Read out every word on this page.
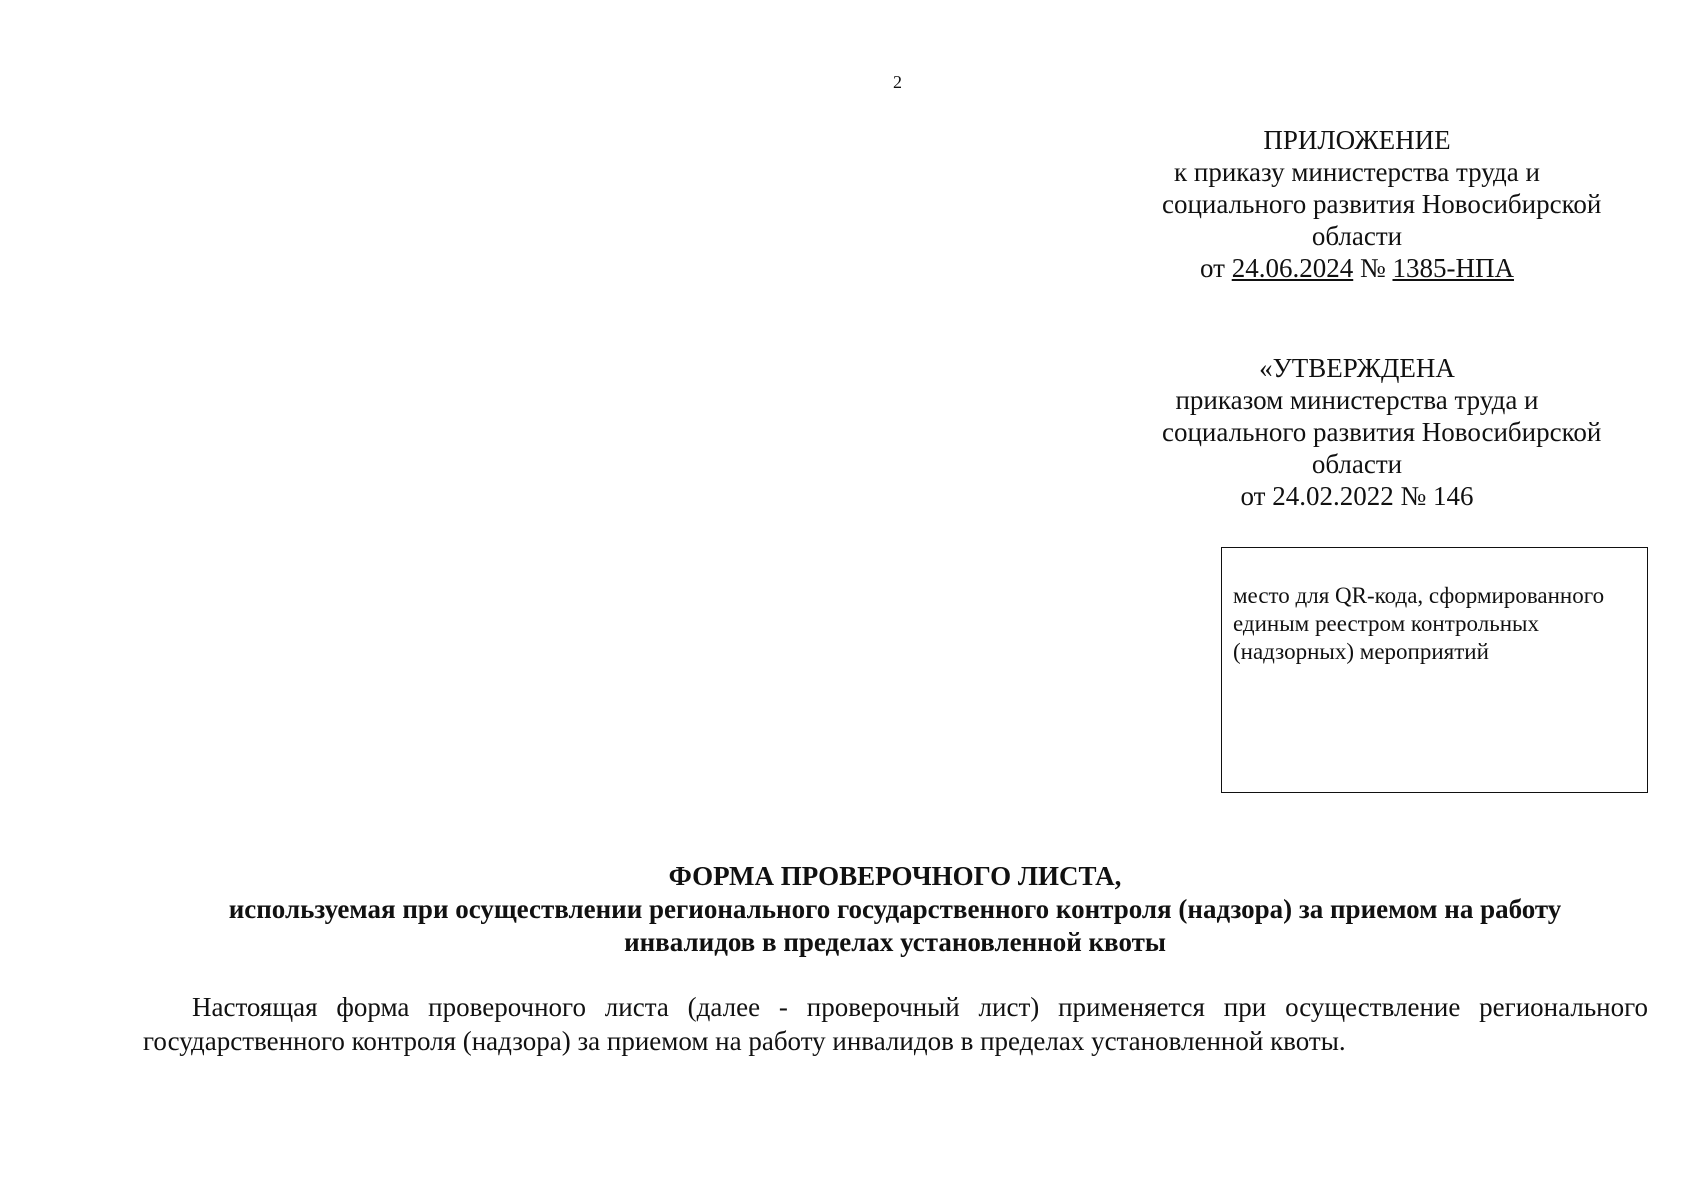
2
ПРИЛОЖЕНИЕ
к приказу министерства труда и
социального развития Новосибирской
области
от 24.06.2024 № 1385-НПА
«УТВЕРЖДЕНА
приказом министерства труда и
социального развития Новосибирской
области
от 24.02.2022 № 146
место для QR-кода, сформированного
единым реестром контрольных
(надзорных) мероприятий
ФОРМА ПРОВЕРОЧНОГО ЛИСТА,
используемая при осуществлении регионального государственного контроля (надзора) за приемом на работу
инвалидов в пределах установленной квоты
Настоящая форма проверочного листа (далее - проверочный лист) применяется при осуществление регионального
государственного контроля (надзора) за приемом на работу инвалидов в пределах установленной квоты.
